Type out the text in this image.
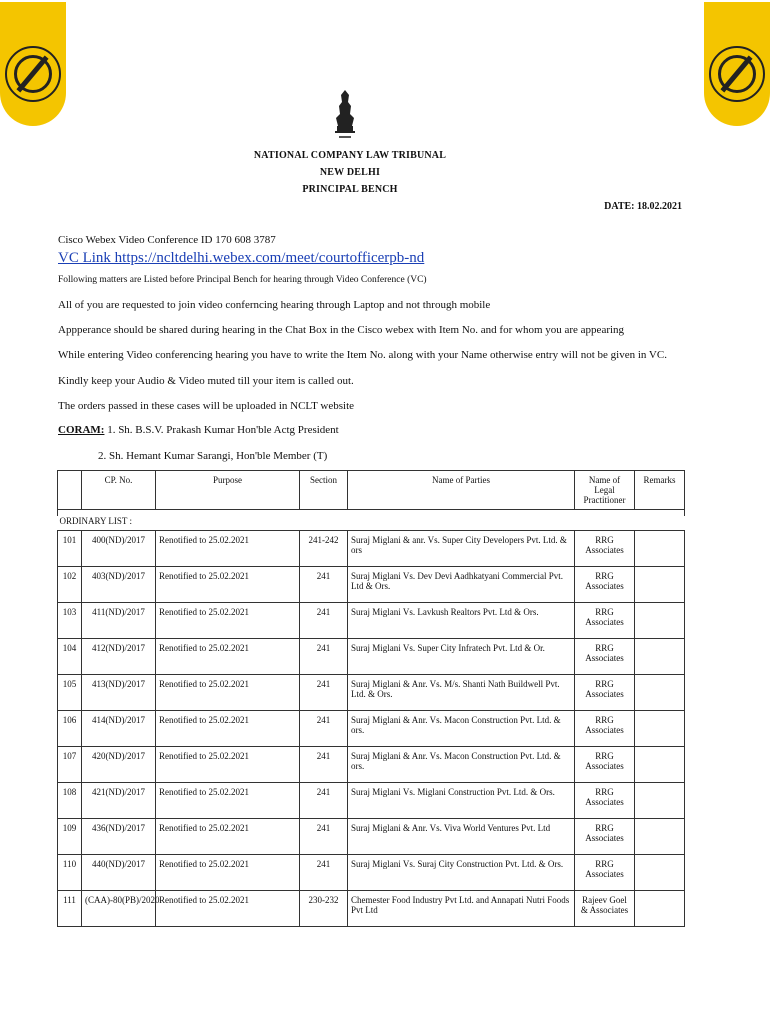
NATIONAL COMPANY LAW TRIBUNAL
NEW DELHI
PRINCIPAL BENCH
DATE: 18.02.2021
Cisco Webex Video Conference ID 170 608 3787
VC Link https://ncltdelhi.webex.com/meet/courtofficerpb-nd
Following matters are Listed before Principal Bench for hearing through Video Conference (VC)
All of you are requested to join video conferncing hearing through Laptop and not through mobile
Appperance should be shared during hearing in the Chat Box in the Cisco webex with Item No. and for whom you are appearing
While entering Video conferencing hearing you have to write the Item No. along with your Name otherwise entry will not be given in VC.
Kindly keep your Audio & Video muted till your item is called out.
The orders passed in these cases will be uploaded in NCLT website
CORAM: 1. Sh. B.S.V. Prakash Kumar Hon'ble Actg President
2. Sh. Hemant Kumar Sarangi, Hon'ble Member (T)
	CP. No.	Purpose	Section	Name of Parties	Name of Legal Practitioner	Remarks

ORDINARY LIST :						
101	400(ND)/2017	Renotified to 25.02.2021	241-242	Suraj Miglani & anr. Vs. Super City Developers Pvt. Ltd. & ors	RRG Associates	
102	403(ND)/2017	Renotified to 25.02.2021	241	Suraj Miglani Vs. Dev Devi Aadhkatyani Commercial Pvt. Ltd & Ors.	RRG Associates	
103	411(ND)/2017	Renotified to 25.02.2021	241	Suraj Miglani Vs. Lavkush Realtors Pvt. Ltd & Ors.	RRG Associates	
104	412(ND)/2017	Renotified to 25.02.2021	241	Suraj Miglani Vs. Super City Infratech Pvt. Ltd & Or.	RRG Associates	
105	413(ND)/2017	Renotified to 25.02.2021	241	Suraj Miglani & Anr. Vs. M/s. Shanti Nath Buildwell Pvt. Ltd. & Ors.	RRG Associates	
106	414(ND)/2017	Renotified to 25.02.2021	241	Suraj Miglani & Anr. Vs. Macon Construction Pvt. Ltd. & ors.	RRG Associates	
107	420(ND)/2017	Renotified to 25.02.2021	241	Suraj Miglani & Anr. Vs. Macon Construction Pvt. Ltd. & ors.	RRG Associates	
108	421(ND)/2017	Renotified to 25.02.2021	241	Suraj Miglani Vs. Miglani Construction Pvt. Ltd. & Ors.	RRG Associates	
109	436(ND)/2017	Renotified to 25.02.2021	241	Suraj Miglani & Anr. Vs. Viva World Ventures Pvt. Ltd	RRG Associates	
110	440(ND)/2017	Renotified to 25.02.2021	241	Suraj Miglani Vs. Suraj City Construction Pvt. Ltd. & Ors.	RRG Associates	
111	(CAA)-80(PB)/2020	Renotified to 25.02.2021	230-232	Chemester Food Industry Pvt Ltd. and Annapati Nutri Foods Pvt Ltd	Rajeev Goel & Associates	
